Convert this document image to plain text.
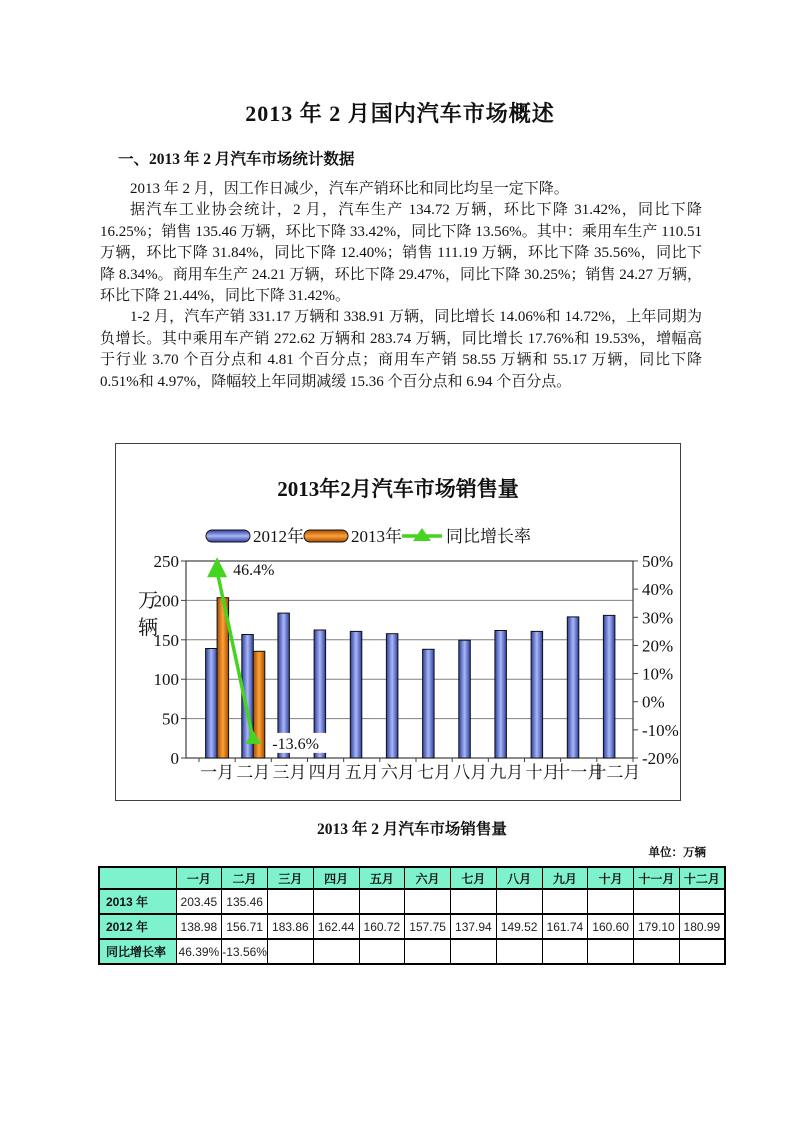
2013 年 2 月国内汽车市场概述
一、2013 年 2 月汽车市场统计数据

2013 年 2 月，因工作日减少，汽车产销环比和同比均呈一定下降。

据汽车工业协会统计，2 月，汽车生产 134.72 万辆，环比下降 31.42%，同比下降 16.25%；销售 135.46 万辆，环比下降 33.42%，同比下降 13.56%。其中：乘用车生产 110.51 万辆，环比下降 31.84%，同比下降 12.40%；销售 111.19 万辆，环比下降 35.56%，同比下降 8.34%。商用车生产 24.21 万辆，环比下降 29.47%，同比下降 30.25%；销售 24.27 万辆，环比下降 21.44%，同比下降 31.42%。

1-2 月，汽车产销 331.17 万辆和 338.91 万辆，同比增长 14.06%和 14.72%，上年同期为负增长。其中乘用车产销 272.62 万辆和 283.74 万辆，同比增长 17.76%和 19.53%，增幅高于行业 3.70 个百分点和 4.81 个百分点；商用车产销 58.55 万辆和 55.17 万辆，同比下降 0.51%和 4.97%，降幅较上年同期减缓 15.36 个百分点和 6.94 个百分点。

2013年2月汽车市场销售量
0
50
100
150
200
250
-20%
-10%
0%
10%
20%
30%
40%
50%
一月 二月 三月 四月 五月 六月 七月 八月 九月 十月
十一月
十二月
万
辆
46.4%
-13.6%
2012年	2013年	同比增长率
2013 年 2 月汽车市场销售量
单位：万辆
	一月	二月	三月	四月	五月	六月	七月	八月	九月	十月	十一月	十二月
2013 年	203.45	135.46										
2012 年	138.98	156.71	183.86	162.44	160.72	157.75	137.94	149.52	161.74	160.60	179.10	180.99
同比增长率	46.39%	-13.56%										
